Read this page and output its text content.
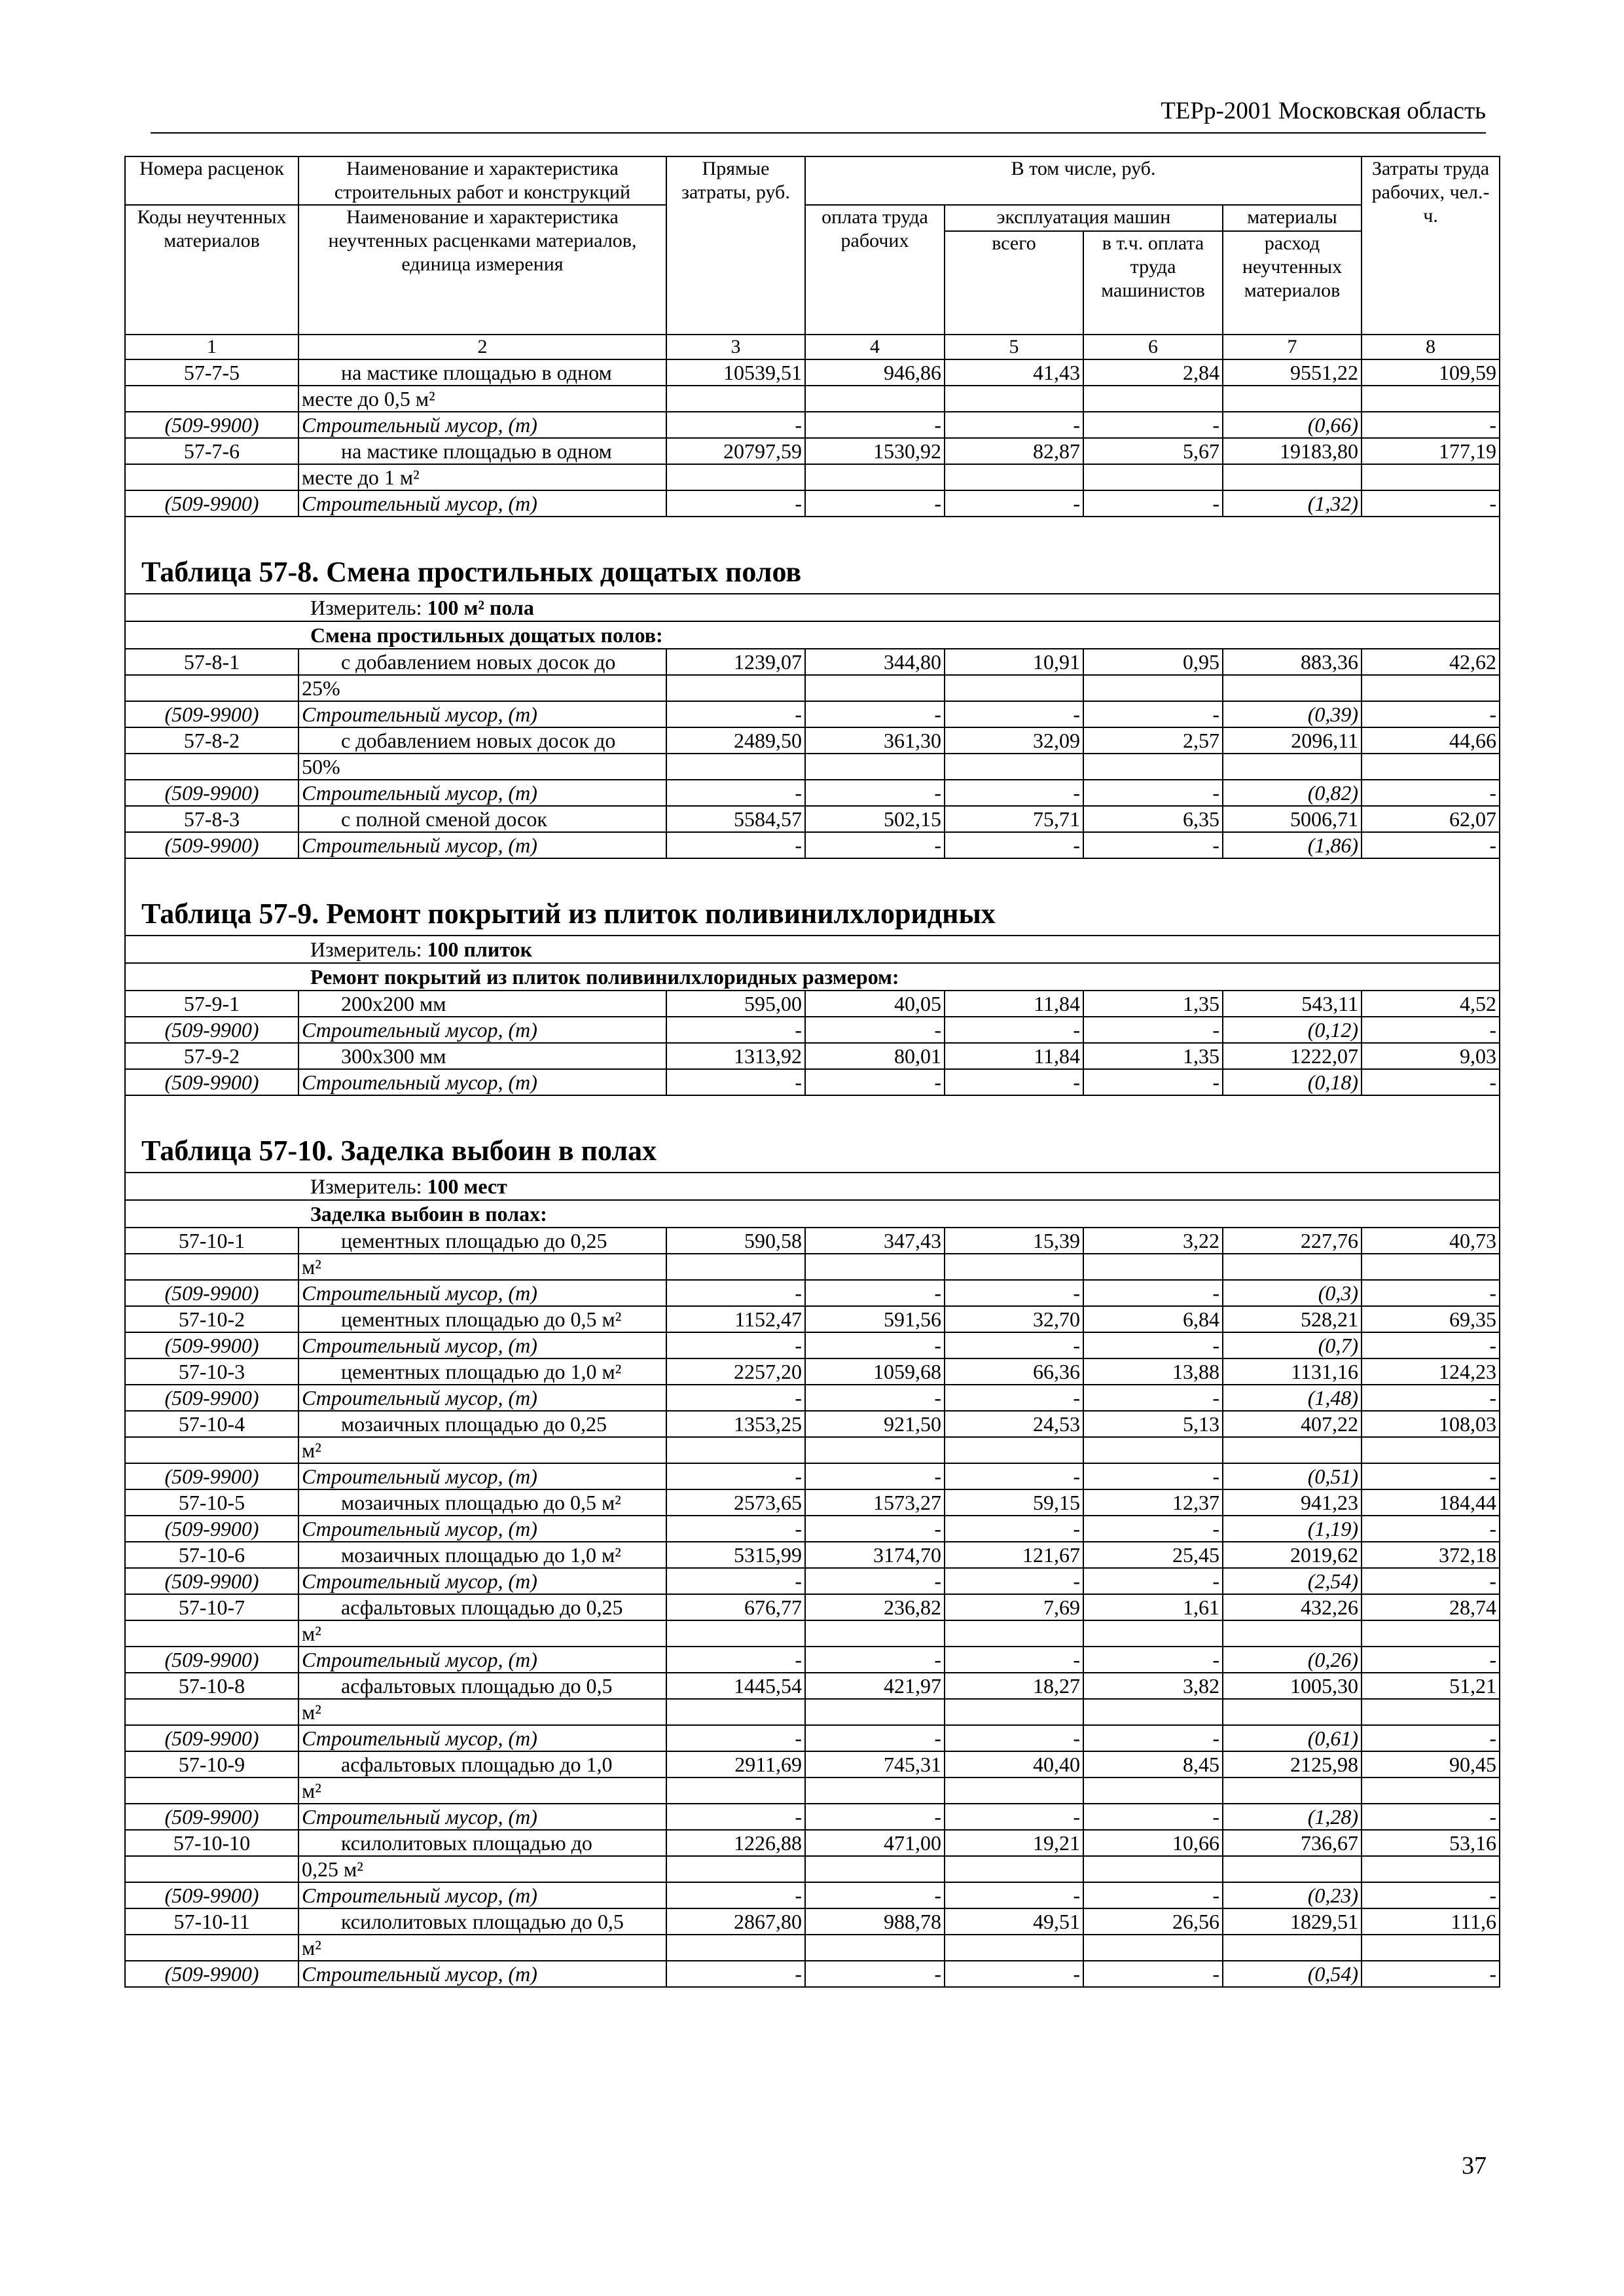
ТЕРр-2001 Московская область
Номера расценок	Наименование и характеристика строительных работ и конструкций	Прямые затраты, руб.	В том числе, руб.				Затраты труда рабочих, чел.-ч.
Коды неучтенных материалов	Наименование и характеристика неучтенных расценками материалов, единица измерения		оплата труда рабочих	эксплуатация машин		материалы	
				всего	в т.ч. оплата труда машинистов	расход неучтенных материалов	
1	2	3	4	5	6	7	8
57-7-5	на мастике площадью в одном	10539,51	946,86	41,43	2,84	9551,22	109,59
	месте до 0,5 м²						
(509-9900)	Строительный мусор, (т)	-	-	-	-	(0,66)	-
57-7-6	на мастике площадью в одном	20797,59	1530,92	82,87	5,67	19183,80	177,19
	месте до 1 м²						
(509-9900)	Строительный мусор, (т)	-	-	-	-	(1,32)	-
Таблица 57-8. Смена простильных дощатых полов							
Измеритель: 100 м² пола							
Смена простильных дощатых полов:							
57-8-1	с добавлением новых досок до	1239,07	344,80	10,91	0,95	883,36	42,62
	25%						
(509-9900)	Строительный мусор, (т)	-	-	-	-	(0,39)	-
57-8-2	с добавлением новых досок до	2489,50	361,30	32,09	2,57	2096,11	44,66
	50%						
(509-9900)	Строительный мусор, (т)	-	-	-	-	(0,82)	-
57-8-3	с полной сменой досок	5584,57	502,15	75,71	6,35	5006,71	62,07
(509-9900)	Строительный мусор, (т)	-	-	-	-	(1,86)	-
Таблица 57-9. Ремонт покрытий из плиток поливинилхлоридных							
Измеритель: 100 плиток							
Ремонт покрытий из плиток поливинилхлоридных размером:							
57-9-1	200х200 мм	595,00	40,05	11,84	1,35	543,11	4,52
(509-9900)	Строительный мусор, (т)	-	-	-	-	(0,12)	-
57-9-2	300х300 мм	1313,92	80,01	11,84	1,35	1222,07	9,03
(509-9900)	Строительный мусор, (т)	-	-	-	-	(0,18)	-
Таблица 57-10. Заделка выбоин в полах							
Измеритель: 100 мест							
Заделка выбоин в полах:							
57-10-1	цементных площадью до 0,25	590,58	347,43	15,39	3,22	227,76	40,73
	м²						
(509-9900)	Строительный мусор, (т)	-	-	-	-	(0,3)	-
57-10-2	цементных площадью до 0,5 м²	1152,47	591,56	32,70	6,84	528,21	69,35
(509-9900)	Строительный мусор, (т)	-	-	-	-	(0,7)	-
57-10-3	цементных площадью до 1,0 м²	2257,20	1059,68	66,36	13,88	1131,16	124,23
(509-9900)	Строительный мусор, (т)	-	-	-	-	(1,48)	-
57-10-4	мозаичных площадью до 0,25	1353,25	921,50	24,53	5,13	407,22	108,03
	м²						
(509-9900)	Строительный мусор, (т)	-	-	-	-	(0,51)	-
57-10-5	мозаичных площадью до 0,5 м²	2573,65	1573,27	59,15	12,37	941,23	184,44
(509-9900)	Строительный мусор, (т)	-	-	-	-	(1,19)	-
57-10-6	мозаичных площадью до 1,0 м²	5315,99	3174,70	121,67	25,45	2019,62	372,18
(509-9900)	Строительный мусор, (т)	-	-	-	-	(2,54)	-
57-10-7	асфальтовых площадью до 0,25	676,77	236,82	7,69	1,61	432,26	28,74
	м²						
(509-9900)	Строительный мусор, (т)	-	-	-	-	(0,26)	-
57-10-8	асфальтовых площадью до 0,5	1445,54	421,97	18,27	3,82	1005,30	51,21
	м²						
(509-9900)	Строительный мусор, (т)	-	-	-	-	(0,61)	-
57-10-9	асфальтовых площадью до 1,0	2911,69	745,31	40,40	8,45	2125,98	90,45
	м²						
(509-9900)	Строительный мусор, (т)	-	-	-	-	(1,28)	-
57-10-10	ксилолитовых площадью до	1226,88	471,00	19,21	10,66	736,67	53,16
	0,25 м²						
(509-9900)	Строительный мусор, (т)	-	-	-	-	(0,23)	-
57-10-11	ксилолитовых площадью до 0,5	2867,80	988,78	49,51	26,56	1829,51	111,6
	м²						
(509-9900)	Строительный мусор, (т)	-	-	-	-	(0,54)	-
37
